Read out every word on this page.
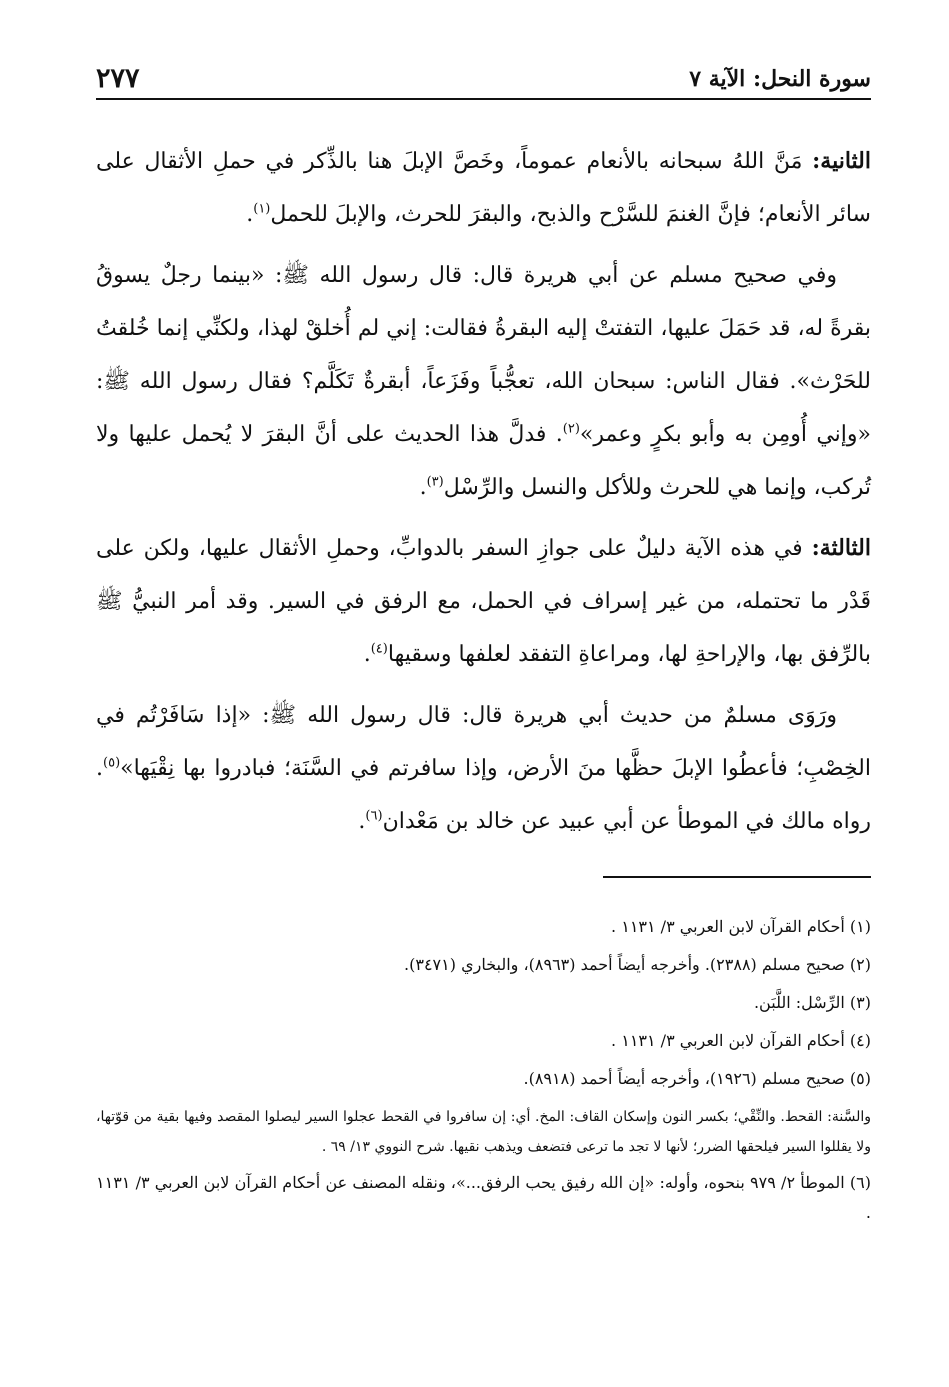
٢٧٧	سورة النحل: الآية ٧

الثانية: مَنَّ اللهُ سبحانه بالأنعام عموماً، وخَصَّ الإبلَ هنا بالذِّكر في حملِ الأثقال على سائر الأنعام؛ فإنَّ الغنمَ للسَّرْح والذبح، والبقرَ للحرث، والإبلَ للحمل$^{(١)}$.

وفي صحيح مسلم عن أبي هريرة قال: قال رسول الله ﷺ: «بينما رجلٌ يسوقُ بقرةً له، قد حَمَلَ عليها، التفتتْ إليه البقرةُ فقالت: إني لم أُخلقْ لهذا، ولكنِّي إنما خُلقتُ للحَرْث». فقال الناس: سبحان الله، تعجُّباً وفَزَعاً، أبقرةٌ تَكَلَّم؟ فقال رسول الله ﷺ: «وإني أُومِن به وأبو بكرٍ وعمر»$^{(٢)}$. فدلَّ هذا الحديث على أنَّ البقرَ لا يُحمل عليها ولا تُركب، وإنما هي للحرث وللأكل والنسل والرِّسْل$^{(٣)}$.

الثالثة: في هذه الآية دليلٌ على جوازِ السفر بالدوابِّ، وحملِ الأثقال عليها، ولكن على قَدْر ما تحتمله، من غير إسراف في الحمل، مع الرفق في السير. وقد أمر النبيُّ ﷺ بالرِّفق بها، والإراحةِ لها، ومراعاةِ التفقد لعلفها وسقيها$^{(٤)}$.

ورَوَى مسلمٌ من حديث أبي هريرة قال: قال رسول الله ﷺ: «إذا سَافَرْتُم في الخِصْبِ؛ فأعطُوا الإبلَ حظَّها منَ الأرض، وإذا سافرتم في السَّنَة؛ فبادروا بها نِقْيَها»$^{(٥)}$. رواه مالك في الموطأ عن أبي عبيد عن خالد بن مَعْدان$^{(٦)}$.

(١) أحكام القرآن لابن العربي ٣/ ١١٣١ .

(٢) صحيح مسلم (٢٣٨٨). وأخرجه أيضاً أحمد (٨٩٦٣)، والبخاري (٣٤٧١).

(٣) الرِّسْل: اللَّبَن.

(٤) أحكام القرآن لابن العربي ٣/ ١١٣١ .

(٥) صحيح مسلم (١٩٢٦)، وأخرجه أيضاً أحمد (٨٩١٨).

والسَّنة: القحط. والنِّقْي؛ بكسر النون وإسكان القاف: المخ. أي: إن سافروا في القحط عجلوا السير ليصلوا المقصد وفيها بقية من قوّتها، ولا يقللوا السير فيلحقها الضرر؛ لأنها لا تجد ما ترعى فتضعف ويذهب نقيها. شرح النووي ١٣/ ٦٩ .

(٦) الموطأ ٢/ ٩٧٩ بنحوه، وأوله: «إن الله رفيق يحب الرفق...»، ونقله المصنف عن أحكام القرآن لابن العربي ٣/ ١١٣١ .
